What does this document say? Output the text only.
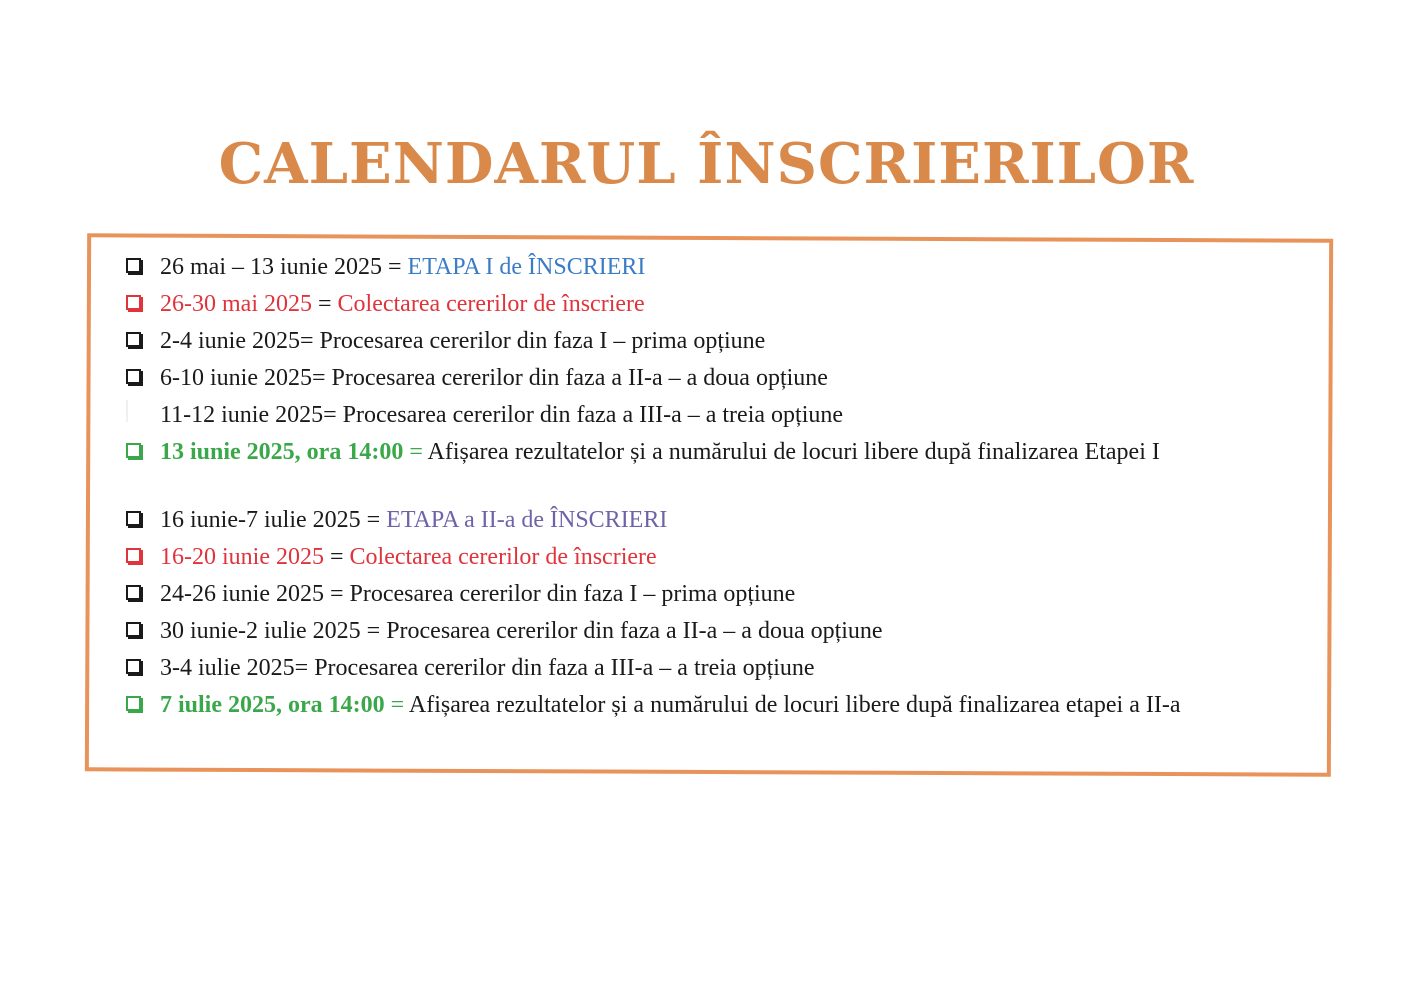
CALENDARUL ÎNSCRIERILOR
26 mai – 13 iunie 2025 = ETAPA I de ÎNSCRIERI
26-30 mai 2025 = Colectarea cererilor de înscriere
2-4 iunie 2025= Procesarea cererilor din faza I – prima opțiune
6-10 iunie 2025= Procesarea cererilor din faza a II-a – a doua opțiune
11-12 iunie 2025= Procesarea cererilor din faza a III-a – a treia opțiune
13 iunie 2025, ora 14:00 = Afișarea rezultatelor și a numărului de locuri libere după finalizarea Etapei I
16 iunie-7 iulie 2025 = ETAPA a II-a de ÎNSCRIERI
16-20 iunie 2025 = Colectarea cererilor de înscriere
24-26 iunie 2025 = Procesarea cererilor din faza I – prima opțiune
30 iunie-2 iulie 2025 = Procesarea cererilor din faza a II-a – a doua opțiune
3-4 iulie 2025= Procesarea cererilor din faza a III-a – a treia opțiune
7 iulie 2025, ora 14:00 = Afișarea rezultatelor și a numărului de locuri libere după finalizarea etapei a II-a
